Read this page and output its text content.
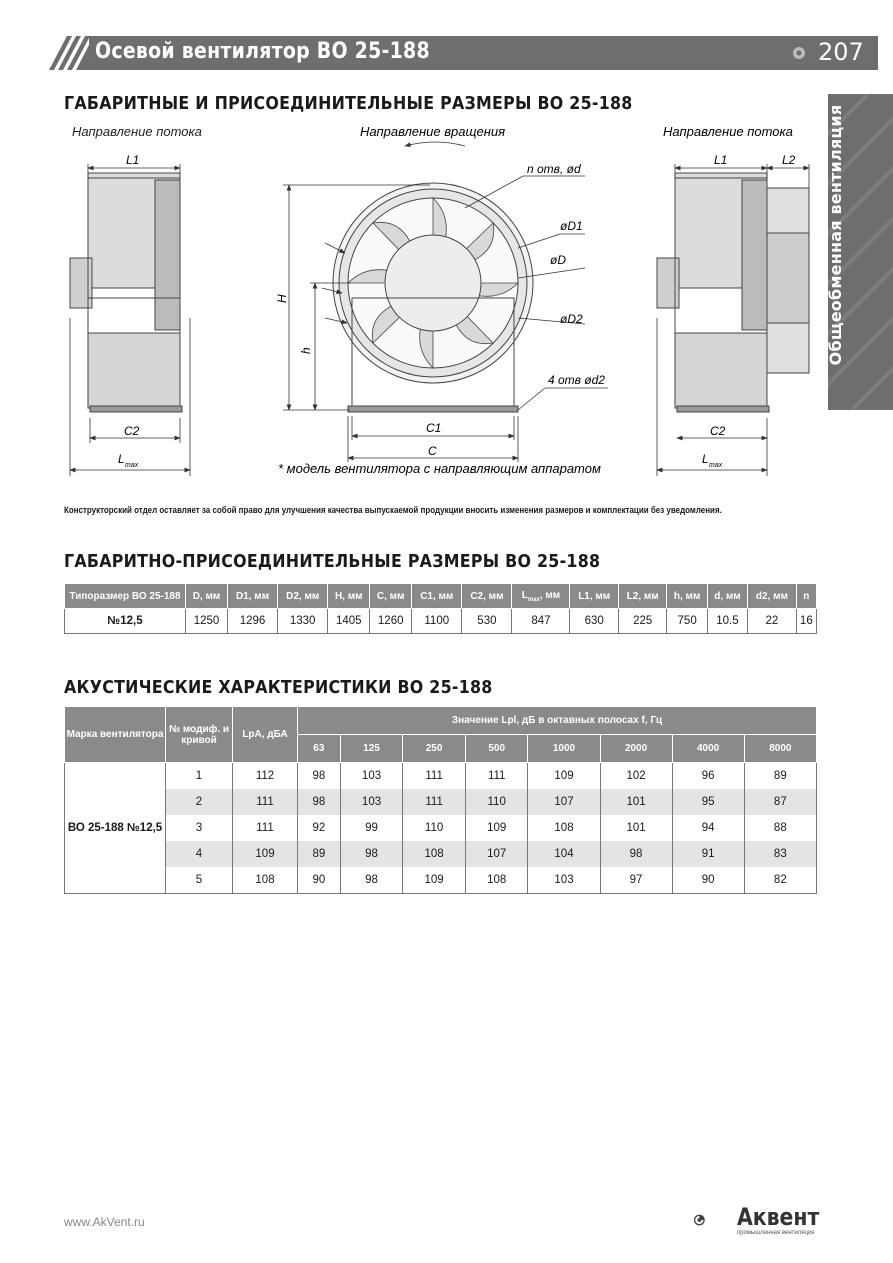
Осевой вентилятор ВО 25-188	207
Общеобменная вентиляция
ГАБАРИТНЫЕ И ПРИСОЕДИНИТЕЛЬНЫЕ РАЗМЕРЫ ВО 25-188
Направление потока
L1
C2
L max
Направление вращения
n отв, ød
øD1
øD
øD2
4 отв ød2
H
h
C1
C
* модель вентилятора с направляющим аппаратом
Направление потока
L1	L2
C2
L max
Конструкторский отдел оставляет за собой право для улучшения качества выпускаемой продукции вносить изменения размеров и комплектации без уведомления.
ГАБАРИТНО-ПРИСОЕДИНИТЕЛЬНЫЕ РАЗМЕРЫ ВО 25-188
Типоразмер ВО 25-188	D, мм	D1, мм	D2, мм	H, мм	C, мм	C1, мм	C2, мм	$L_{max}$, мм	L1, мм	L2, мм	h, мм	d, мм	d2, мм	n
№12,5	1250	1296	1330	1405	1260	1100	530	847	630	225	750	10.5	22	16
АКУСТИЧЕСКИЕ ХАРАКТЕРИСТИКИ ВО 25-188
Марка вентилятора	№ модиф. и кривой	LpA, дБА	Значение Lpl, дБ в октавных полосах f, Гц							
			63	125	250	500	1000	2000	4000	8000
ВО 25-188 №12,5	1	112	98	103	111	111	109	102	96	89
	2	111	98	103	111	110	107	101	95	87
	3	111	92	99	110	109	108	101	94	88
	4	109	89	98	108	107	104	98	91	83
	5	108	90	98	109	108	103	97	90	82
www.AkVent.ru	Аквент
промышленная вентиляция
